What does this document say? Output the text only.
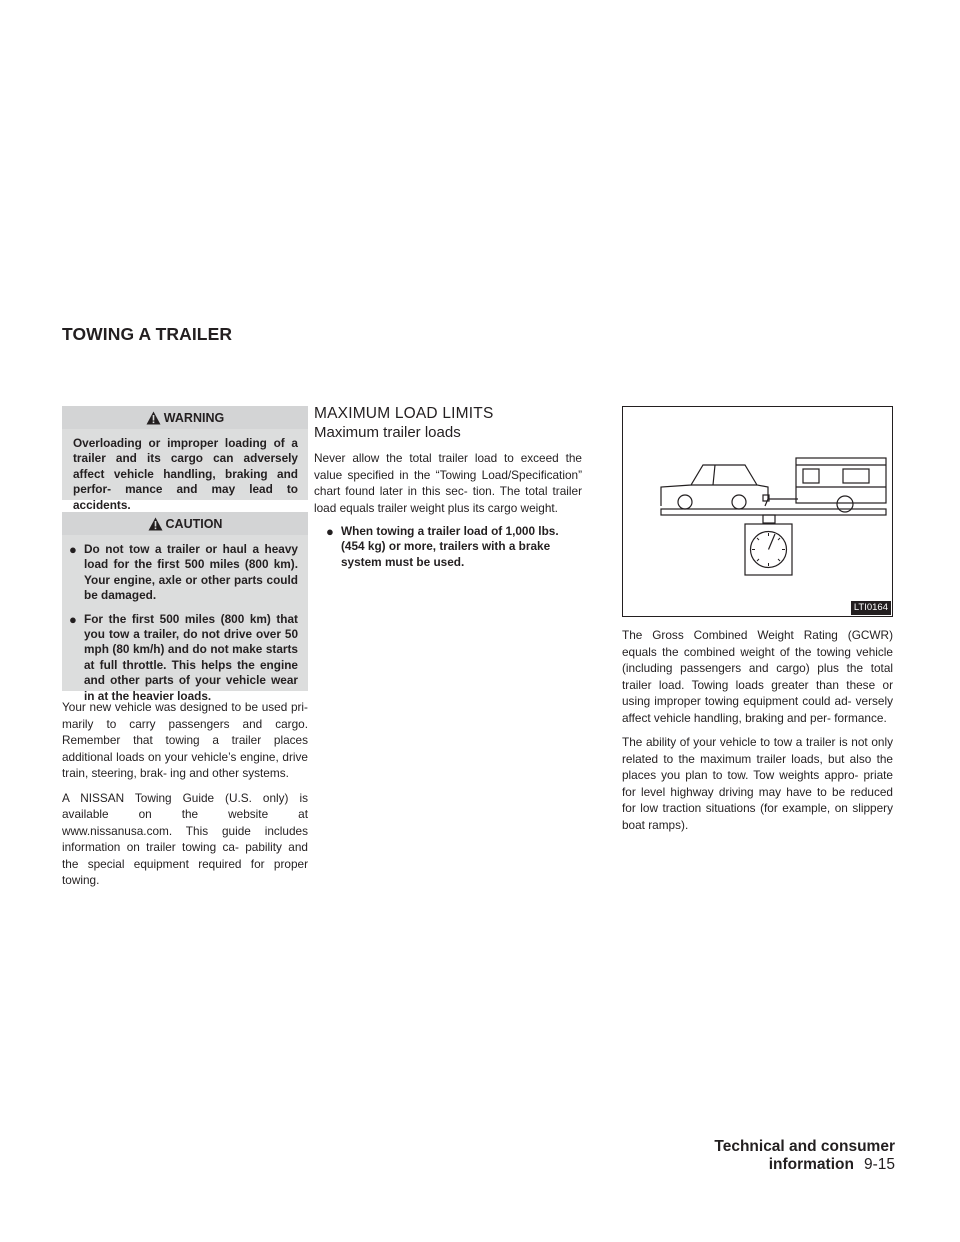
TOWING A TRAILER
WARNING
Overloading or improper loading of a trailer and its cargo can adversely affect vehicle handling, braking and perfor- mance and may lead to accidents.
CAUTION
● Do not tow a trailer or haul a heavy load for the first 500 miles (800 km). Your engine, axle or other parts could be damaged.
● For the first 500 miles (800 km) that you tow a trailer, do not drive over 50 mph (80 km/h) and do not make starts at full throttle. This helps the engine and other parts of your vehicle wear in at the heavier loads.

Your new vehicle was designed to be used pri- marily to carry passengers and cargo. Remember that towing a trailer places additional loads on your vehicle’s engine, drive train, steering, brak- ing and other systems.

A NISSAN Towing Guide (U.S. only) is available on the website at www.nissanusa.com. This guide includes information on trailer towing ca- pability and the special equipment required for proper towing.

MAXIMUM LOAD LIMITS
Maximum trailer loads

Never allow the total trailer load to exceed the value specified in the “Towing Load/Specification” chart found later in this sec- tion. The total trailer load equals trailer weight plus its cargo weight.

● When towing a trailer load of 1,000 lbs. (454 kg) or more, trailers with a brake system must be used.
LTI0164

The Gross Combined Weight Rating (GCWR) equals the combined weight of the towing vehicle (including passengers and cargo) plus the total trailer load. Towing loads greater than these or using improper towing equipment could ad- versely affect vehicle handling, braking and per- formance.

The ability of your vehicle to tow a trailer is not only related to the maximum trailer loads, but also the places you plan to tow. Tow weights appro- priate for level highway driving may have to be reduced for low traction situations (for example, on slippery boat ramps).

Technical and consumer information 9-15
